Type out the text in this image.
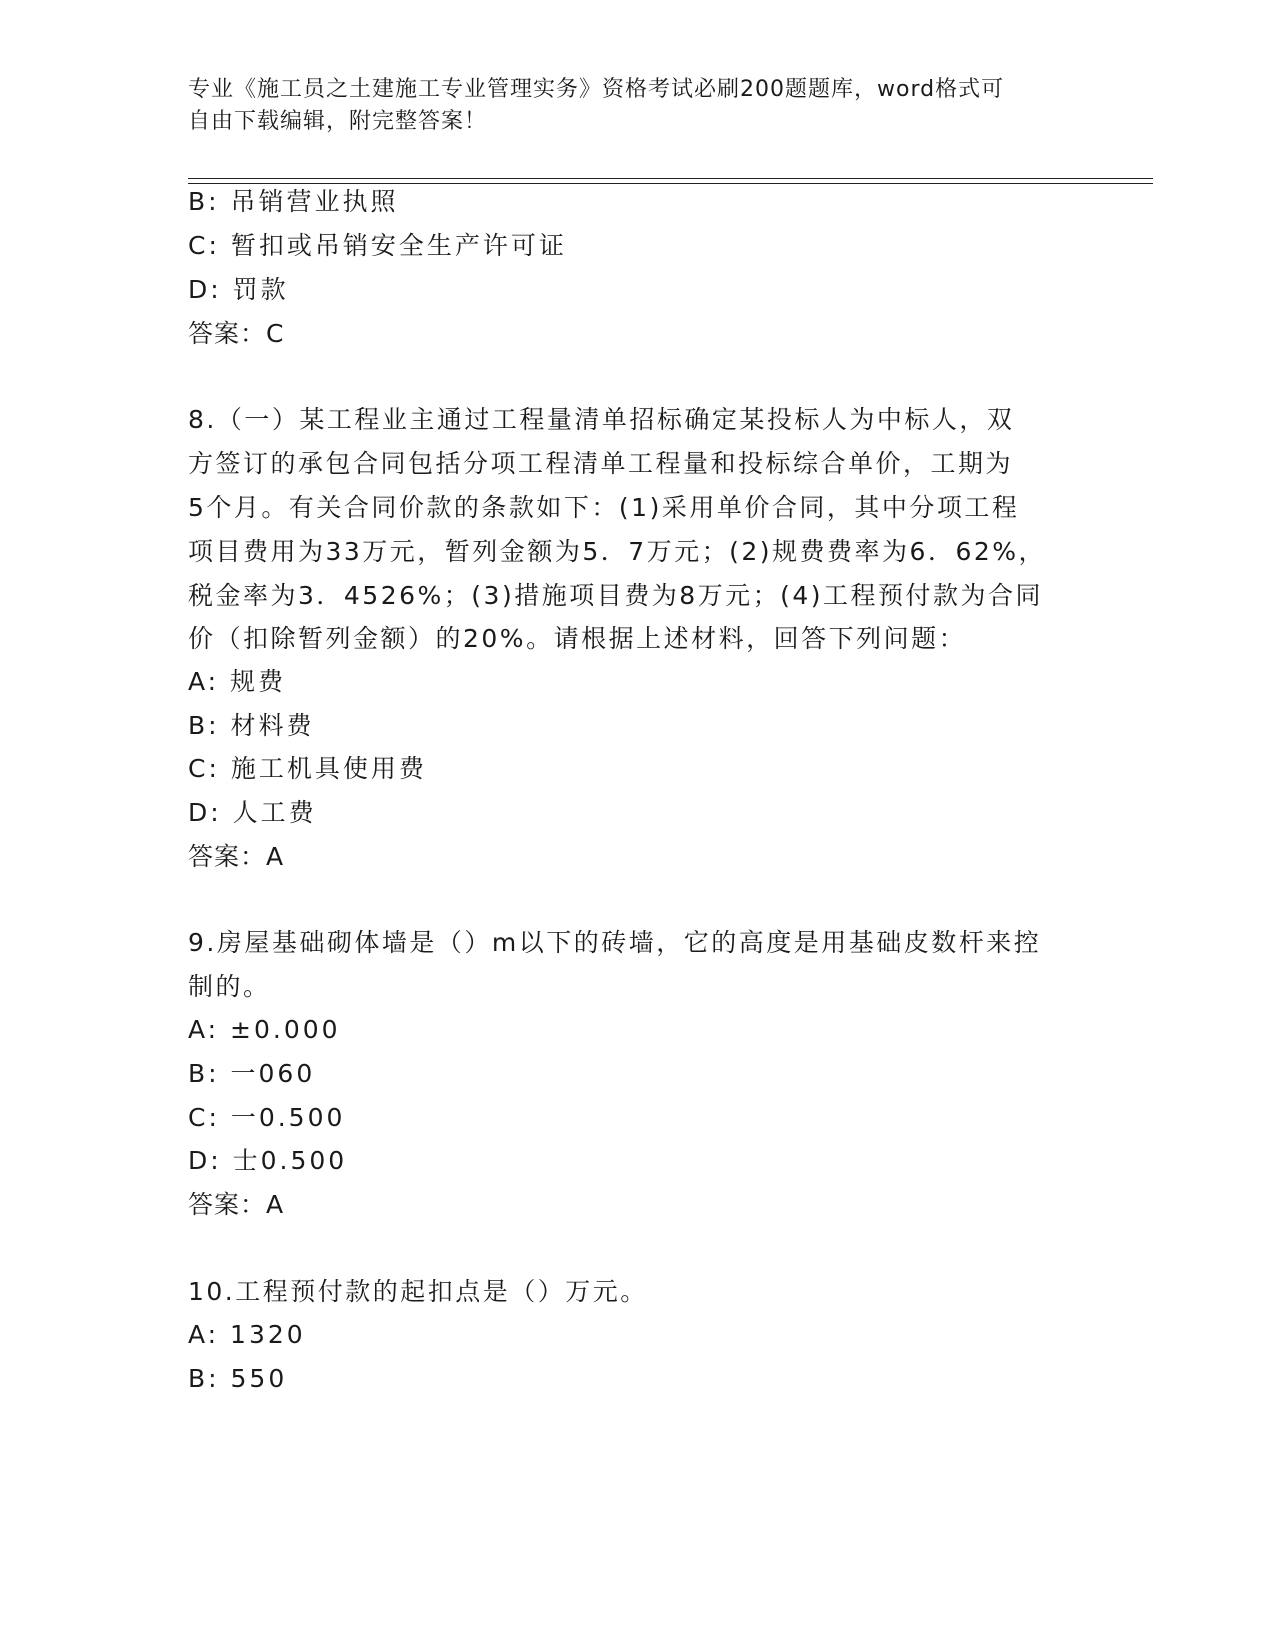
专业《施工员之土建施工专业管理实务》资格考试必刷200题题库，word格式可
自由下载编辑，附完整答案！
B: 吊销营业执照
C: 暂扣或吊销安全生产许可证
D: 罚款
答案：C
8.（一）某工程业主通过工程量清单招标确定某投标人为中标人，双
方签订的承包合同包括分项工程清单工程量和投标综合单价，工期为
5个月。有关合同价款的条款如下：(1)采用单价合同，其中分项工程
项目费用为33万元，暂列金额为5．7万元；(2)规费费率为6．62%，
税金率为3．4526%；(3)措施项目费为8万元；(4)工程预付款为合同
价（扣除暂列金额）的20%。请根据上述材料，回答下列问题：
A: 规费
B: 材料费
C: 施工机具使用费
D: 人工费
答案：A
9.房屋基础砌体墙是（）m以下的砖墙，它的高度是用基础皮数杆来控
制的。
A: ±0.000
B: 一060
C: 一0.500
D: 士0.500
答案：A
10.工程预付款的起扣点是（）万元。
A: 1320
B: 550
